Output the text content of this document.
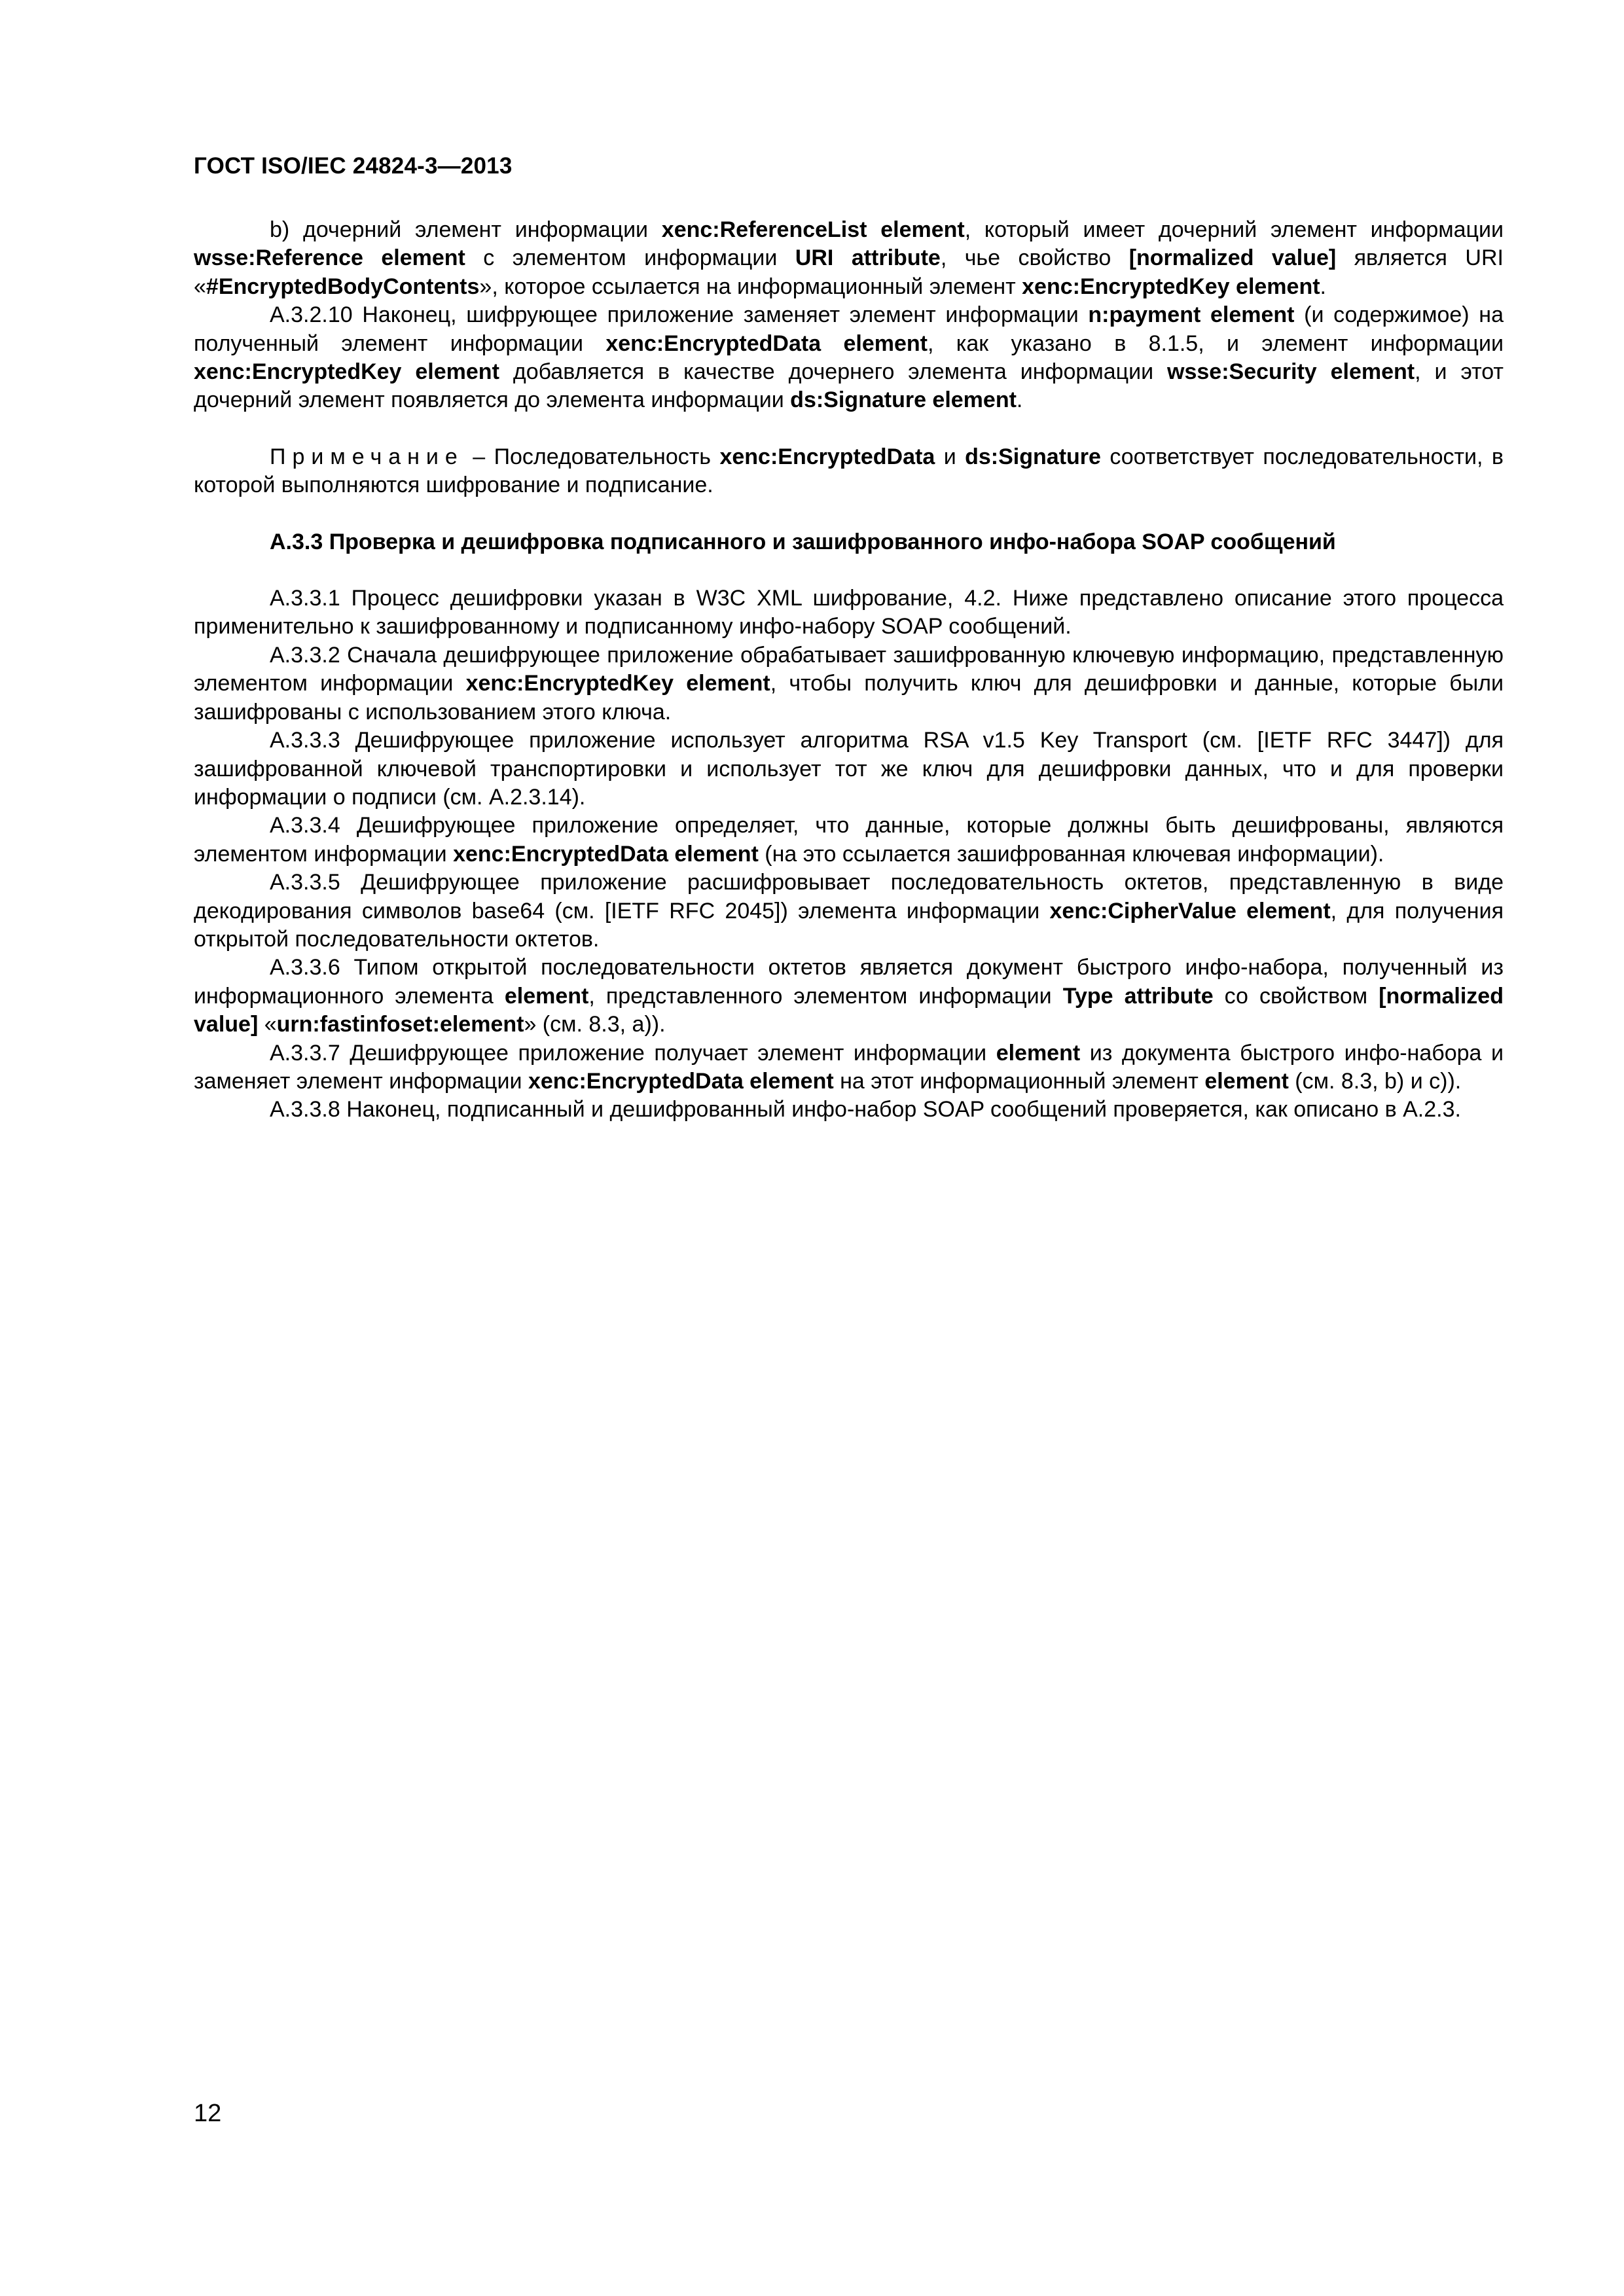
ГОСТ ISO/IEC 24824-3—2013

b) дочерний элемент информации xenc:ReferenceList element, который имеет дочерний элемент информации wsse:Reference element с элементом информации URI attribute, чье свойство [normalized value] является URI «#EncryptedBodyContents», которое ссылается на информационный элемент xenc:EncryptedKey element.

А.3.2.10 Наконец, шифрующее приложение заменяет элемент информации n:payment element (и содержимое) на полученный элемент информации xenc:EncryptedData element, как указано в 8.1.5, и элемент информации xenc:EncryptedKey element добавляется в качестве дочернего элемента информации wsse:Security element, и этот дочерний элемент появляется до элемента информации ds:Signature element.

Примечание – Последовательность xenc:EncryptedData и ds:Signature соответствует последовательности, в которой выполняются шифрование и подписание.

А.3.3 Проверка и дешифровка подписанного и зашифрованного инфо-набора SOAP сообщений

А.3.3.1 Процесс дешифровки указан в W3C XML шифрование, 4.2. Ниже представлено описание этого процесса применительно к зашифрованному и подписанному инфо-набору SOAP сообщений.

А.3.3.2 Сначала дешифрующее приложение обрабатывает зашифрованную ключевую информацию, представленную элементом информации xenc:EncryptedKey element, чтобы получить ключ для дешифровки и данные, которые были зашифрованы с использованием этого ключа.

А.3.3.3 Дешифрующее приложение использует алгоритма RSA v1.5 Key Transport (см. [IETF RFC 3447]) для зашифрованной ключевой транспортировки и использует тот же ключ для дешифровки данных, что и для проверки информации о подписи (см. А.2.3.14).

А.3.3.4 Дешифрующее приложение определяет, что данные, которые должны быть дешифрованы, являются элементом информации xenc:EncryptedData element (на это ссылается зашифрованная ключевая информации).

А.3.3.5 Дешифрующее приложение расшифровывает последовательность октетов, представленную в виде декодирования символов base64 (см. [IETF RFC 2045]) элемента информации xenc:CipherValue element, для получения открытой последовательности октетов.

А.3.3.6 Типом открытой последовательности октетов является документ быстрого инфо-набора, полученный из информационного элемента element, представленного элементом информации Type attribute со свойством [normalized value] «urn:fastinfoset:element» (см. 8.3, а)).

А.3.3.7 Дешифрующее приложение получает элемент информации element из документа быстрого инфо-набора и заменяет элемент информации xenc:EncryptedData element на этот информационный элемент element (см. 8.3, b) и с)).

А.3.3.8 Наконец, подписанный и дешифрованный инфо-набор SOAP сообщений проверяется, как описано в А.2.3.

12
